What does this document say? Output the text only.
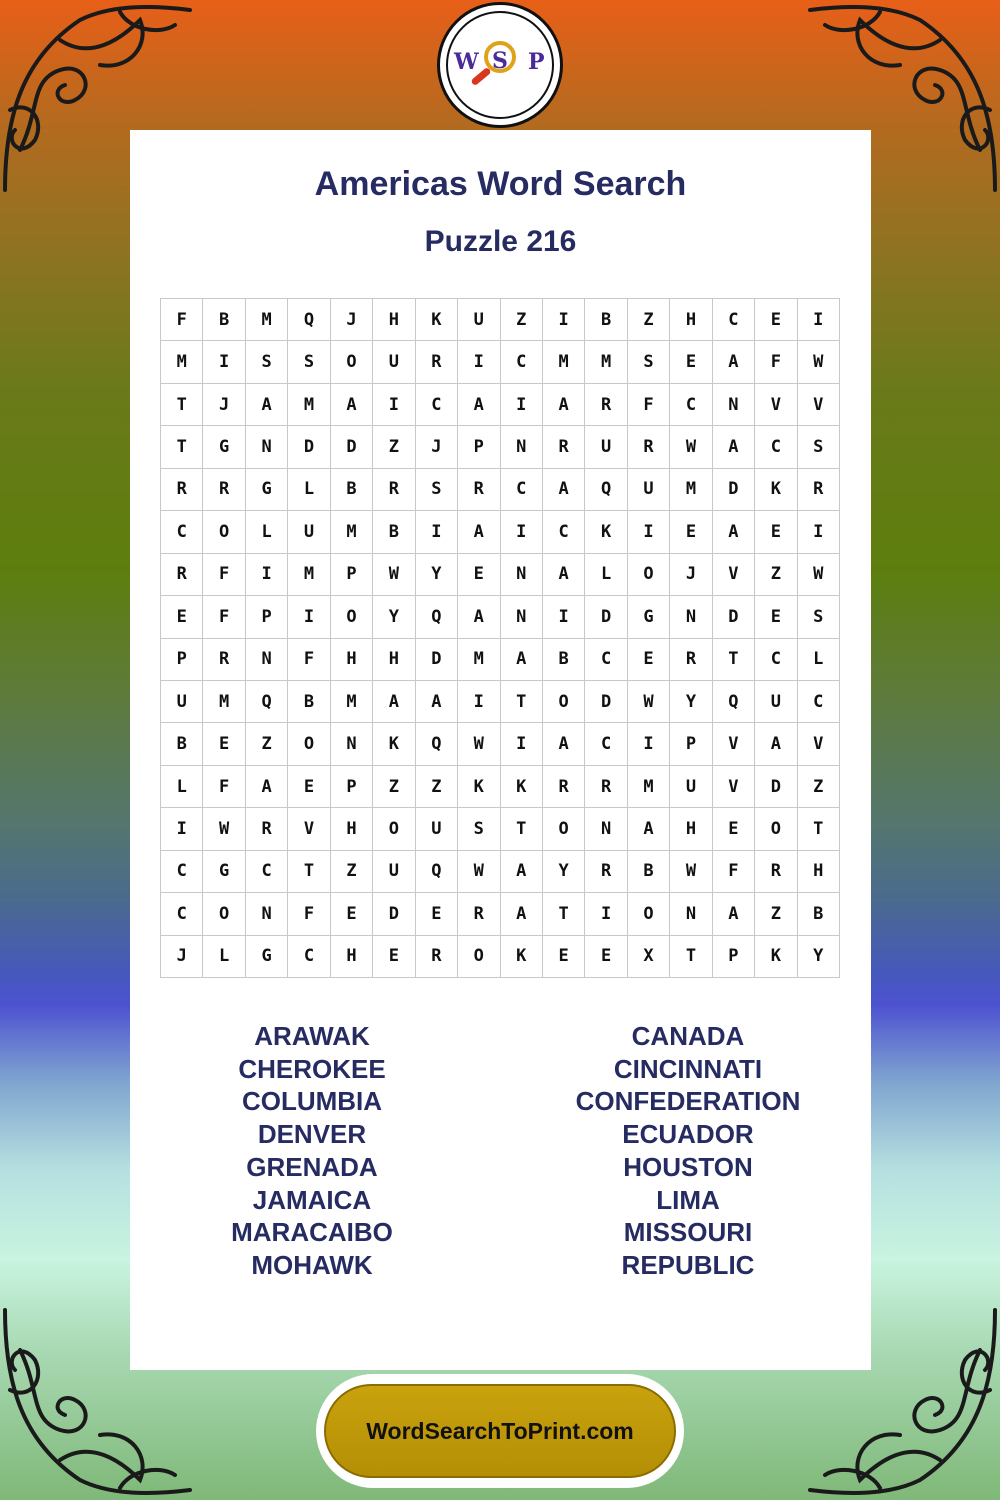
W S P
Americas Word Search
Puzzle 216
F	B	M	Q	J	H	K	U	Z	I	B	Z	H	C	E	I
M	I	S	S	O	U	R	I	C	M	M	S	E	A	F	W
T	J	A	M	A	I	C	A	I	A	R	F	C	N	V	V
T	G	N	D	D	Z	J	P	N	R	U	R	W	A	C	S
R	R	G	L	B	R	S	R	C	A	Q	U	M	D	K	R
C	O	L	U	M	B	I	A	I	C	K	I	E	A	E	I
R	F	I	M	P	W	Y	E	N	A	L	O	J	V	Z	W
E	F	P	I	O	Y	Q	A	N	I	D	G	N	D	E	S
P	R	N	F	H	H	D	M	A	B	C	E	R	T	C	L
U	M	Q	B	M	A	A	I	T	O	D	W	Y	Q	U	C
B	E	Z	O	N	K	Q	W	I	A	C	I	P	V	A	V
L	F	A	E	P	Z	Z	K	K	R	R	M	U	V	D	Z
I	W	R	V	H	O	U	S	T	O	N	A	H	E	O	T
C	G	C	T	Z	U	Q	W	A	Y	R	B	W	F	R	H
C	O	N	F	E	D	E	R	A	T	I	O	N	A	Z	B
J	L	G	C	H	E	R	O	K	E	E	X	T	P	K	Y
ARAWAK
CHEROKEE
COLUMBIA
DENVER
GRENADA
JAMAICA
MARACAIBO
MOHAWK
CANADA
CINCINNATI
CONFEDERATION
ECUADOR
HOUSTON
LIMA
MISSOURI
REPUBLIC
WordSearchToPrint.com
